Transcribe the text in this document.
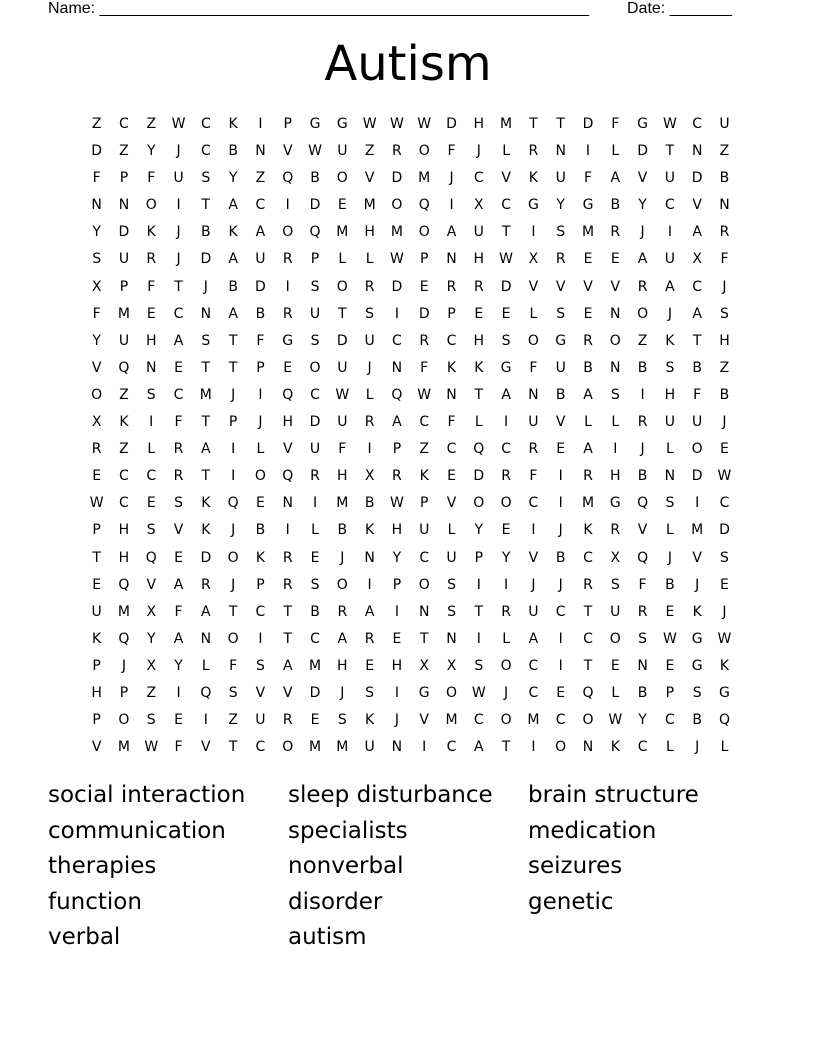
Name: _______________________________________________________ Date: _______
Autism
Z	C	Z	W	C	K	I	P	G	G	W W W	D	H	M	T	T	D	F	G	W	C	U
D	Z	Y	J	C	B	N	V	W	U	Z	R	O	F	J	L	R	N	I	L	D	T	N	Z
F	P	F	U	S	Y	Z	Q	B	O	V	D	M	J	C	V	K	U	F	A	V	U	D	B
N	N	O	I	T	A	C	I	D	E	M	O	Q	I	X	C	G	Y	G	B	Y	C	V	N
Y	D	K	J	B	K	A	O	Q	M	H	M	O	A	U	T	I	S	M	R	J	I	A	R
S	U	R	J	D	A	U	R	P	L	L	W	P	N	H	W	X	R	E	E	A	U	X	F
X	P	F	T	J	B	D	I	S	O	R	D	E	R	R	D	V	V	V	V	R	A	C	J
F	M	E	C	N	A	B	R	U	T	S	I	D	P	E	E	L	S	E	N	O	J	A	S
Y	U	H	A	S	T	F	G	S	D	U	C	R	C	H	S	O	G	R	O	Z	K	T	H
V	Q	N	E	T	T	P	E	O	U	J	N	F	K	K	G	F	U	B	N	B	S	B	Z
O	Z	S	C	M	J	I	Q	C	W	L	Q	W	N	T	A	N	B	A	S	I	H	F	B
X	K	I	F	T	P	J	H	D	U	R	A	C	F	L	I	U	V	L	L	R	U	U	J
R	Z	L	R	A	I	L	V	U	F	I	P	Z	C	Q	C	R	E	A	I	J	L	O	E
E	C	C	R	T	I	O	Q	R	H	X	R	K	E	D	R	F	I	R	H	B	N	D	W
W	C	E	S	K	Q	E	N	I	M	B	W	P	V	O	O	C	I	M	G	Q	S	I	C
P	H	S	V	K	J	B	I	L	B	K	H	U	L	Y	E	I	J	K	R	V	L	M	D
T	H	Q	E	D	O	K	R	E	J	N	Y	C	U	P	Y	V	B	C	X	Q	J	V	S
E	Q	V	A	R	J	P	R	S	O	I	P	O	S	I	I	J	J	R	S	F	B	J	E
U	M	X	F	A	T	C	T	B	R	A	I	N	S	T	R	U	C	T	U	R	E	K	J
K	Q	Y	A	N	O	I	T	C	A	R	E	T	N	I	L	A	I	C	O	S	W	G	W
P	J	X	Y	L	F	S	A	M	H	E	H	X	X	S	O	C	I	T	E	N	E	G	K
H	P	Z	I	Q	S	V	V	D	J	S	I	G	O	W	J	C	E	Q	L	B	P	S	G
P	O	S	E	I	Z	U	R	E	S	K	J	V	M	C	O	M	C	O	W	Y	C	B	Q
V	M	W	F	V	T	C	O	M	M	U	N	I	C	A	T	I	O	N	K	C	L	J	L
social interaction	sleep disturbance	brain structure
communication	specialists	medication
therapies	nonverbal	seizures
function	disorder	genetic
verbal	autism
